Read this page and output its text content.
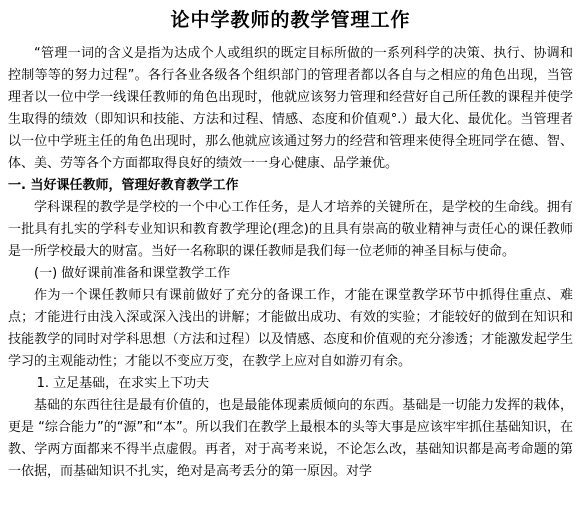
论中学教师的教学管理工作

“管理一词的含义是指为达成个人或组织的既定目标所做的一系列科学的决策、执行、协调和控制等等的努力过程”。各行各业各级各个组织部门的管理者都以各自与之相应的角色出现，当管理者以一位中学一线课任教师的角色出现时，他就应该努力管理和经营好自己所任教的课程并使学生取得的绩效（即知识和技能、方法和过程、情感、态度和价值观°.）最大化、最优化。当管理者以一位中学班主任的角色出现时，那么他就应该通过努力的经营和管理来使得全班同学在德、智、体、美、劳等各个方面都取得良好的绩效一一身心健康、品学兼优。

一. 当好课任教师，管理好教育教学工作

学科课程的教学是学校的一个中心工作任务，是人才培养的关键所在，是学校的生命线。拥有一批具有扎实的学科专业知识和教育教学理论(理念)的且具有崇高的敬业精神与责任心的课任教师是一所学校最大的财富。当好一名称职的课任教师是我们每一位老师的神圣目标与使命。

(一) 做好课前准备和课堂教学工作

作为一个课任教师只有课前做好了充分的备课工作，才能在课堂教学环节中抓得住重点、难点；才能进行由浅入深或深入浅出的讲解；才能做出成功、有效的实验；才能较好的做到在知识和技能教学的同时对学科思想（方法和过程）以及情感、态度和价值观的充分渗透；才能激发起学生学习的主观能动性；才能以不变应万变，在教学上应对自如游刃有余。

1. 立足基础，在求实上下功夫

基础的东西往往是最有价值的，也是最能体现素质倾向的东西。基础是一切能力发挥的栽体，更是 “综合能力”的“源”和“本”。所以我们在教学上最根本的头等大事是应该牢牢抓住基础知识，在教、学两方面都来不得半点虚假。再者，对于高考来说，不论怎么改，基础知识都是高考命题的第一依据，而基础知识不扎实，绝对是高考丢分的第一原因。对学
